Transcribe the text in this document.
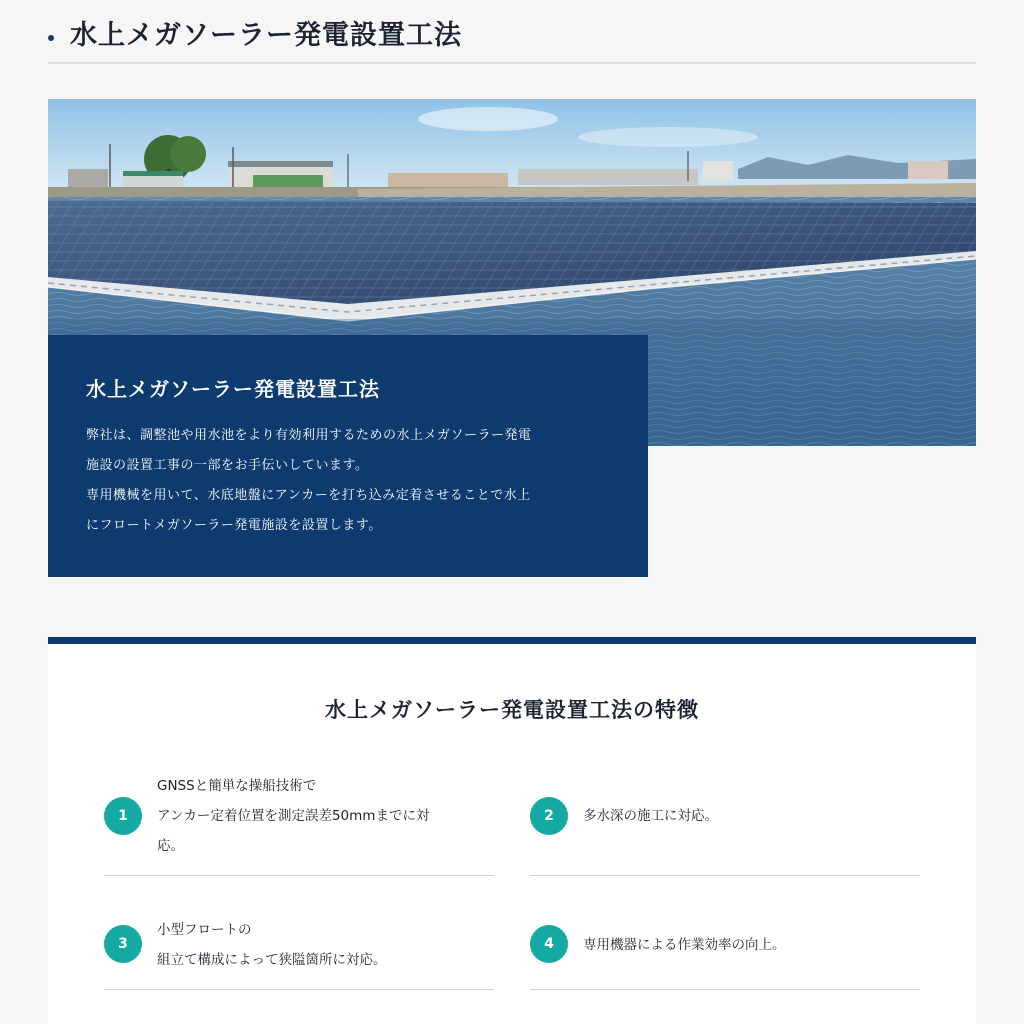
水上メガソーラー発電設置工法
水上メガソーラー発電設置工法

弊社は、調整池や用水池をより有効利用するための水上メガソーラー発電
施設の設置工事の一部をお手伝いしています。
専用機械を用いて、水底地盤にアンカーを打ち込み定着させることで水上
にフロートメガソーラー発電施設を設置します。

水上メガソーラー発電設置工法の特徴
1

GNSSと簡単な操船技術で
アンカー定着位置を測定誤差50mmまでに対
応。

2	多水深の施工に対応。

3

小型フロートの
組立て構成によって狭隘箇所に対応。

4	専用機器による作業効率の向上。
